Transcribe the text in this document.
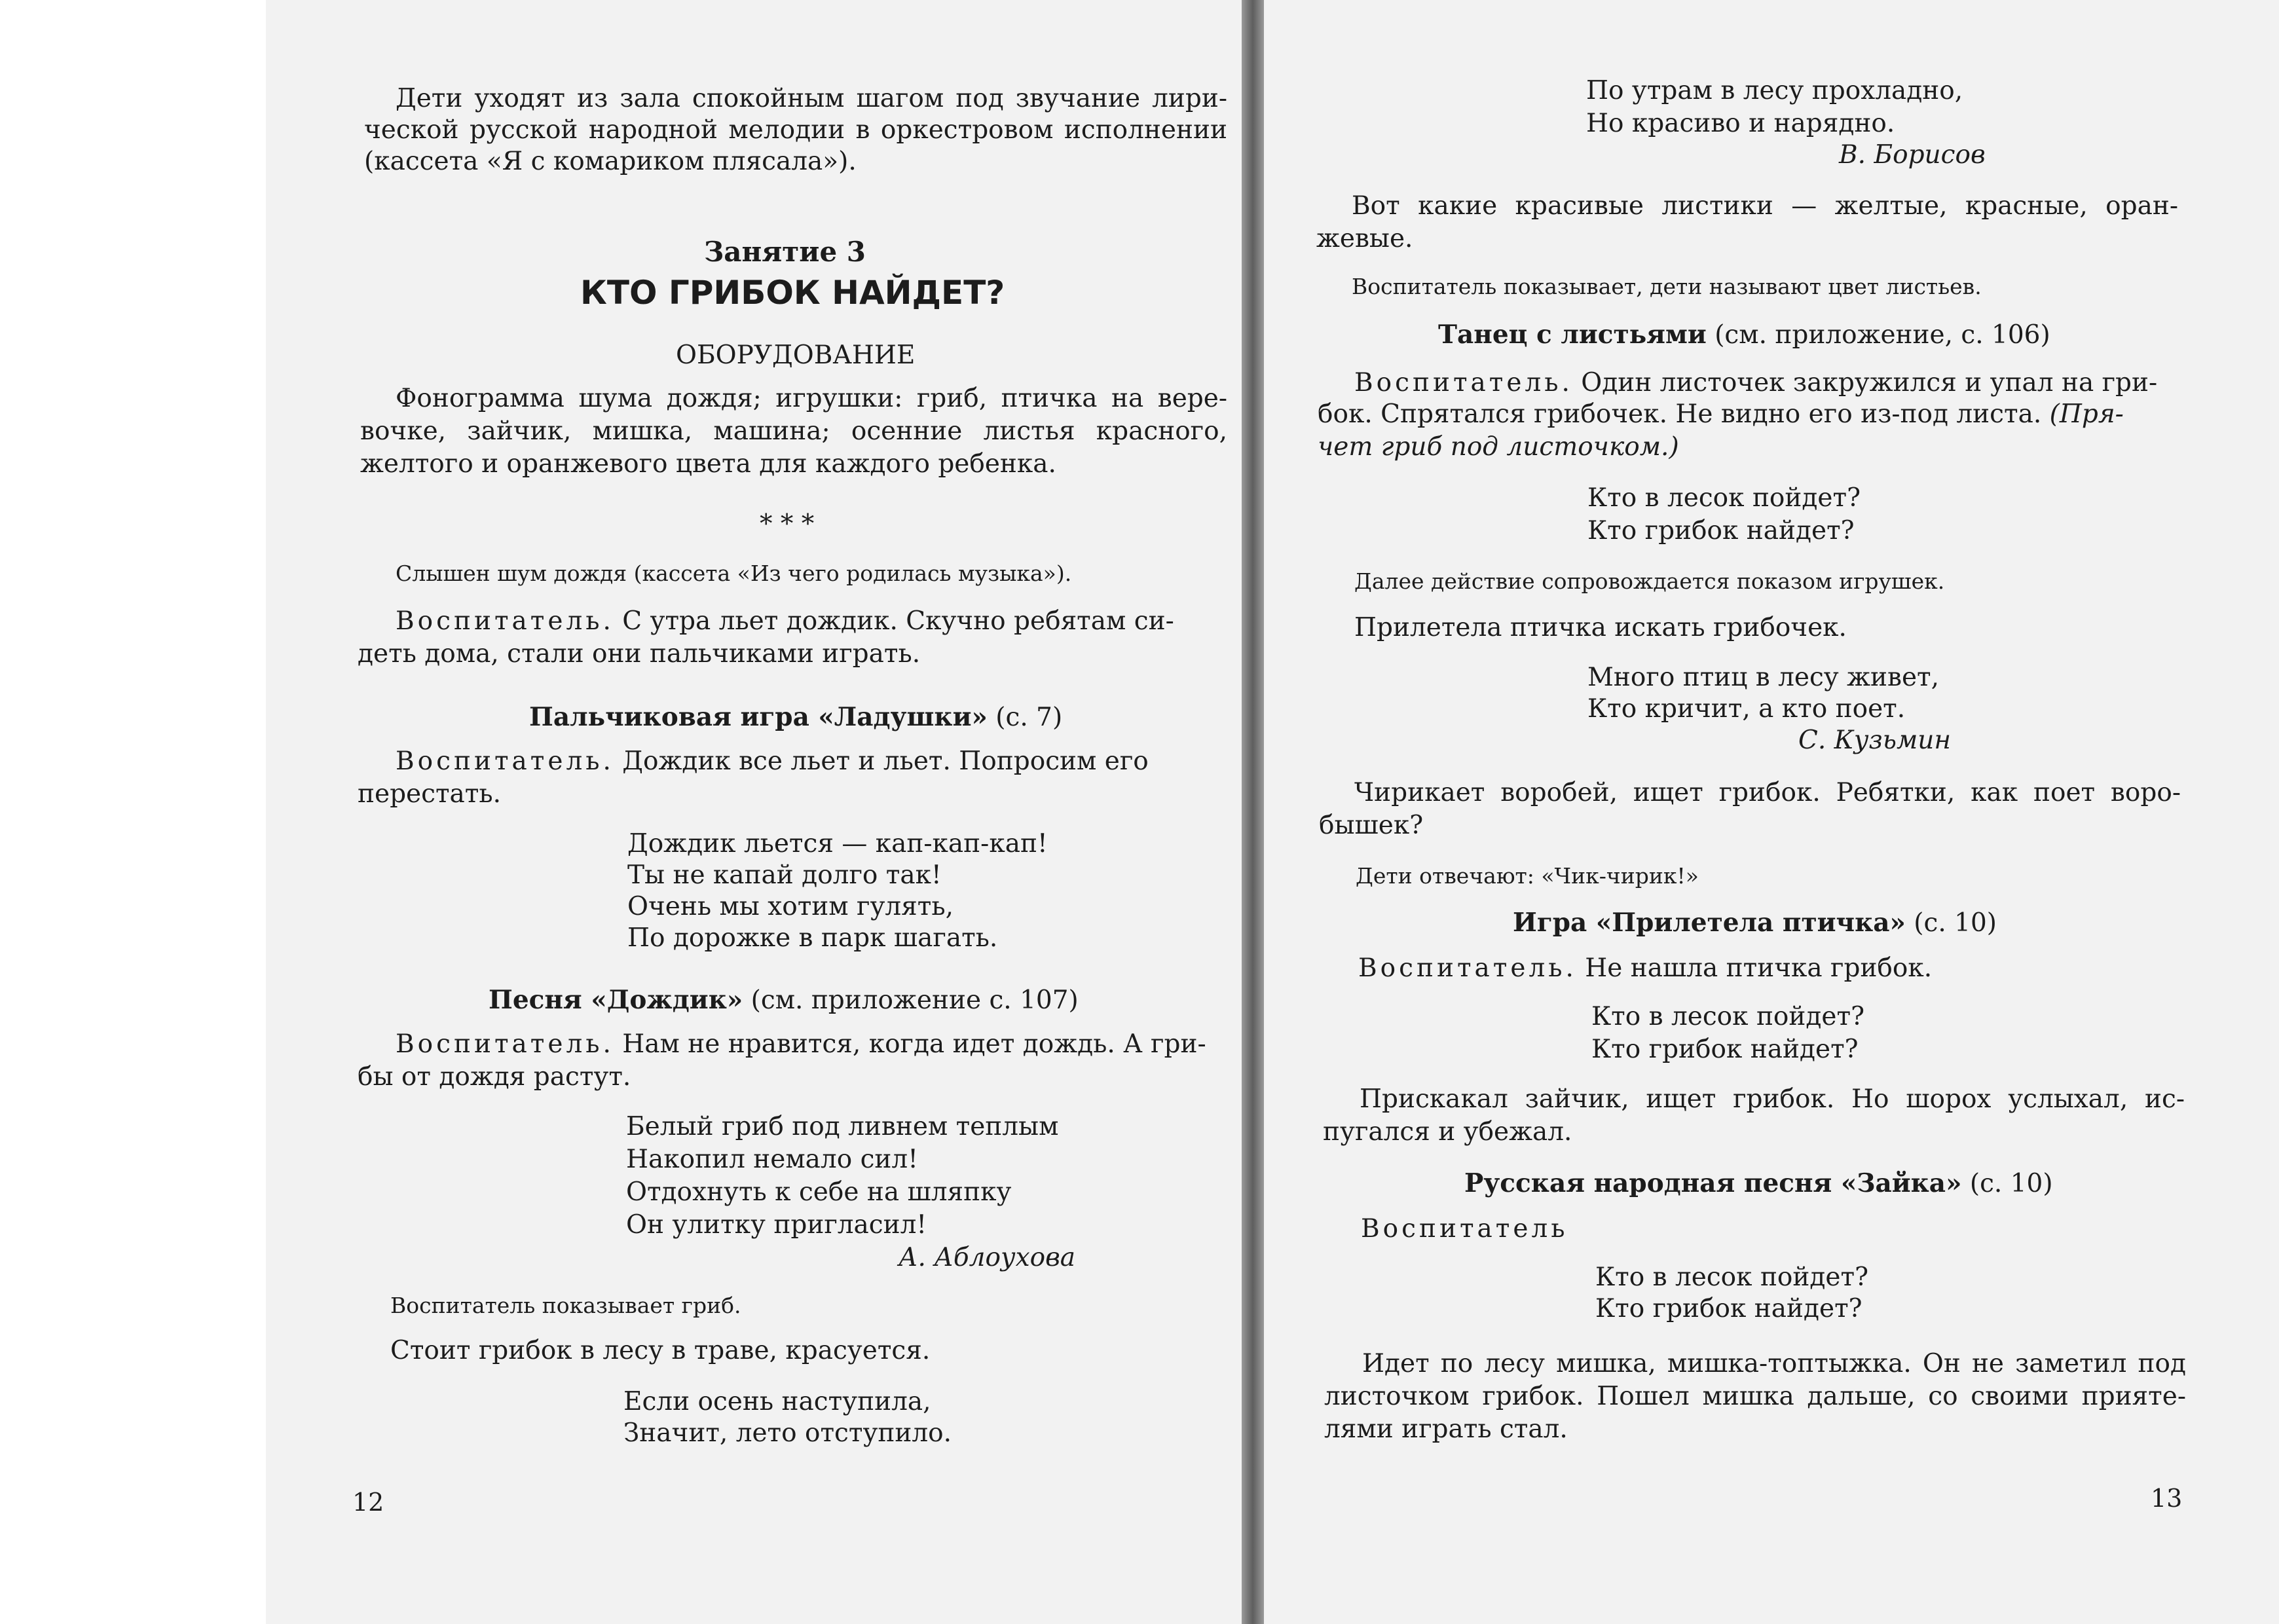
Дети уходят из зала спокойным шагом под звучание лири-

ческой русской народной мелодии в оркестровом исполнении

(кассета «Я с комариком плясала»).

Занятие 3

КТО ГРИБОК НАЙДЕТ?

ОБОРУДОВАНИЕ

Фонограмма шума дождя; игрушки: гриб, птичка на вере-

вочке, зайчик, мишка, машина; осенние листья красного,

желтого и оранжевого цвета для каждого ребенка.

* * *

Слышен шум дождя (кассета «Из чего родилась музыка»).

Воспитатель. С утра льет дождик. Скучно ребятам си-

деть дома, стали они пальчиками играть.

Пальчиковая игра «Ладушки» (с. 7)

Воспитатель. Дождик все льет и льет. Попросим его

перестать.

Дождик льется — кап-кап-кап!

Ты не капай долго так!

Очень мы хотим гулять,

По дорожке в парк шагать.

Песня «Дождик» (см. приложение с. 107)

Воспитатель. Нам не нравится, когда идет дождь. А гри-

бы от дождя растут.

Белый гриб под ливнем теплым

Накопил немало сил!

Отдохнуть к себе на шляпку

Он улитку пригласил!

А. Аблоухова

Воспитатель показывает гриб.

Стоит грибок в лесу в траве, красуется.

Если осень наступила,

Значит, лето отступило.

12

По утрам в лесу прохладно,

Но красиво и нарядно.

В. Борисов

Вот какие красивые листики — желтые, красные, оран-

жевые.

Воспитатель показывает, дети называют цвет листьев.

Танец с листьями (см. приложение, с. 106)

Воспитатель. Один листочек закружился и упал на гри-

бок. Спрятался грибочек. Не видно его из-под листа. (Пря-

чет гриб под листочком.)

Кто в лесок пойдет?

Кто грибок найдет?

Далее действие сопровождается показом игрушек.

Прилетела птичка искать грибочек.

Много птиц в лесу живет,

Кто кричит, а кто поет.

С. Кузьмин

Чирикает воробей, ищет грибок. Ребятки, как поет воро-

бышек?

Дети отвечают: «Чик-чирик!»

Игра «Прилетела птичка» (с. 10)

Воспитатель. Не нашла птичка грибок.

Кто в лесок пойдет?

Кто грибок найдет?

Прискакал зайчик, ищет грибок. Но шорох услыхал, ис-

пугался и убежал.

Русская народная песня «Зайка» (с. 10)

Воспитатель

Кто в лесок пойдет?

Кто грибок найдет?

Идет по лесу мишка, мишка-топтыжка. Он не заметил под

листочком грибок. Пошел мишка дальше, со своими прияте-

лями играть стал.

13
